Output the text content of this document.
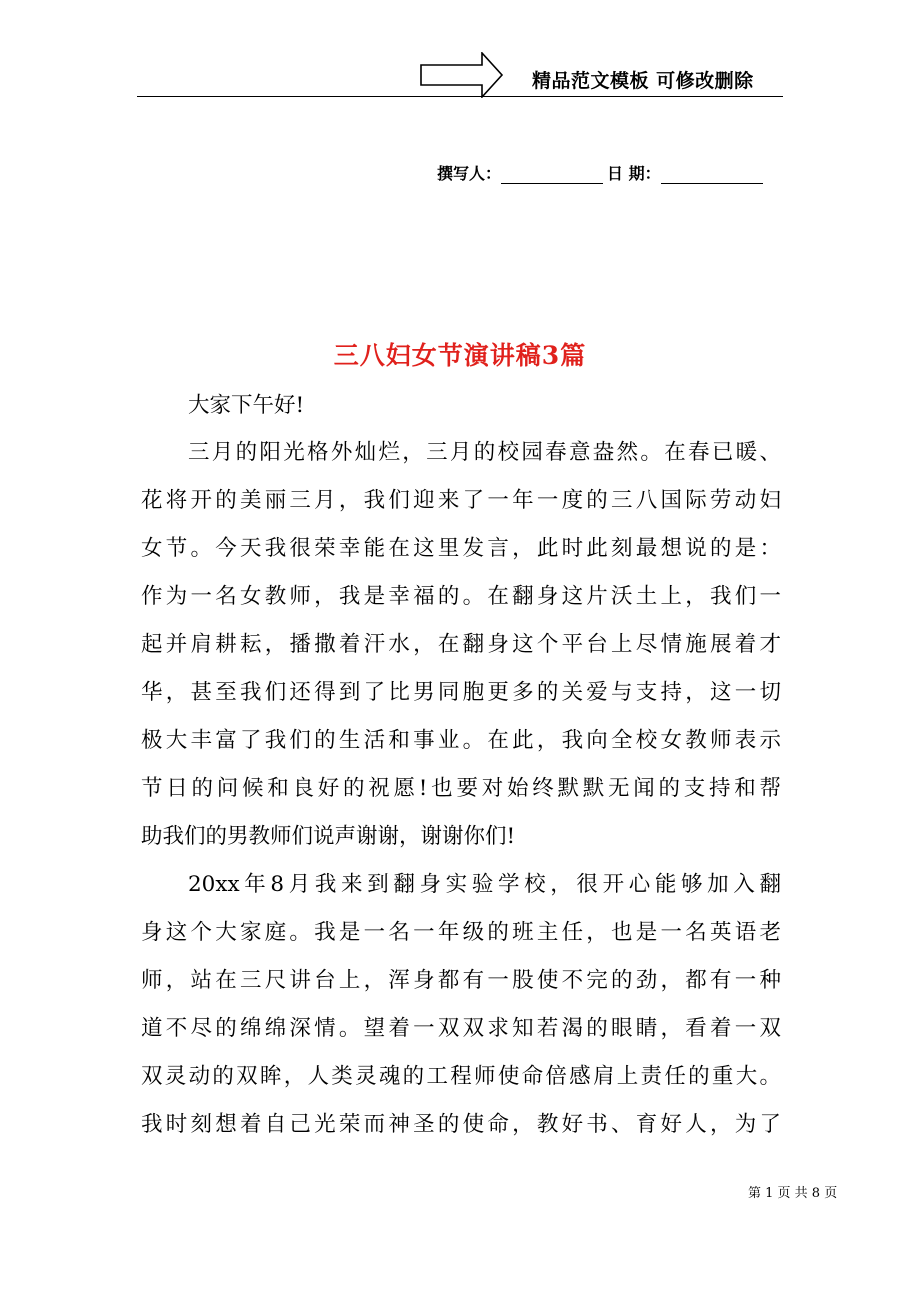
精品范文模板 可修改删除
撰写人：	日 期：
三八妇女节演讲稿3篇
大家下午好!
三月的阳光格外灿烂，三月的校园春意盎然。在春已暖、
花将开的美丽三月，我们迎来了一年一度的三八国际劳动妇
女节。今天我很荣幸能在这里发言，此时此刻最想说的是：
作为一名女教师，我是幸福的。在翻身这片沃土上，我们一
起并肩耕耘，播撒着汗水，在翻身这个平台上尽情施展着才
华，甚至我们还得到了比男同胞更多的关爱与支持，这一切
极大丰富了我们的生活和事业。在此，我向全校女教师表示
节日的问候和良好的祝愿!也要对始终默默无闻的支持和帮
助我们的男教师们说声谢谢，谢谢你们!
20xx年8月我来到翻身实验学校，很开心能够加入翻
身这个大家庭。我是一名一年级的班主任，也是一名英语老
师，站在三尺讲台上，浑身都有一股使不完的劲，都有一种
道不尽的绵绵深情。望着一双双求知若渴的眼睛，看着一双
双灵动的双眸，人类灵魂的工程师使命倍感肩上责任的重大。
我时刻想着自己光荣而神圣的使命，教好书、育好人，为了
第 1 页 共 8 页
